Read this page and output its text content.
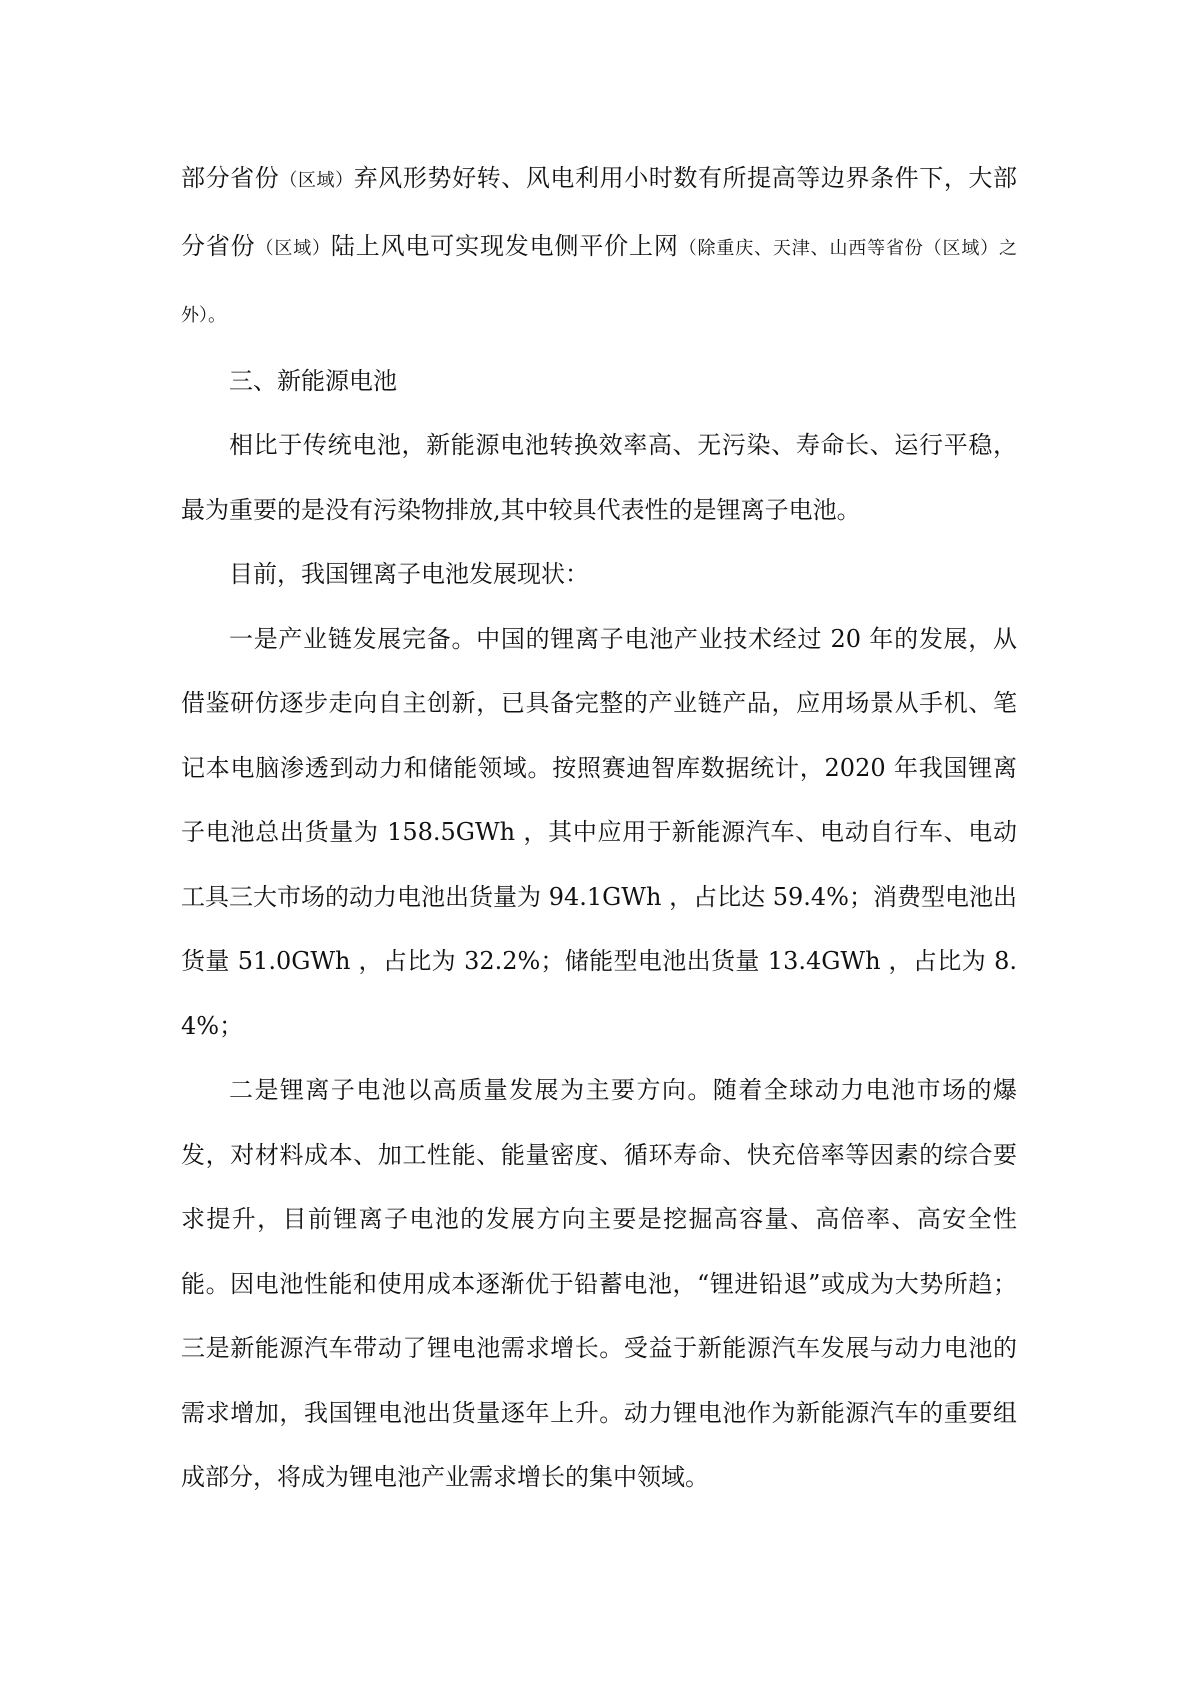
部分省份（区域）弃风形势好转、风电利用小时数有所提高等边界条件下，大部分省份（区域）陆上风电可实现发电侧平价上网（除重庆、天津、山西等省份（区域）之外）。

三、新能源电池

相比于传统电池，新能源电池转换效率高、无污染、寿命长、运行平稳，最为重要的是没有污染物排放,其中较具代表性的是锂离子电池。

目前，我国锂离子电池发展现状：

一是产业链发展完备。中国的锂离子电池产业技术经过 20 年的发展，从借鉴研仿逐步走向自主创新，已具备完整的产业链产品，应用场景从手机、笔记本电脑渗透到动力和储能领域。按照赛迪智库数据统计，2020 年我国锂离子电池总出货量为 158.5GWh ，其中应用于新能源汽车、电动自行车、电动工具三大市场的动力电池出货量为 94.1GWh ，占比达 59.4%；消费型电池出货量 51.0GWh ，占比为 32.2%；储能型电池出货量 13.4GWh ，占比为 8.4%；

二是锂离子电池以高质量发展为主要方向。随着全球动力电池市场的爆发，对材料成本、加工性能、能量密度、循环寿命、快充倍率等因素的综合要求提升，目前锂离子电池的发展方向主要是挖掘高容量、高倍率、高安全性能。因电池性能和使用成本逐渐优于铅蓄电池，“锂进铅退”或成为大势所趋；三是新能源汽车带动了锂电池需求增长。受益于新能源汽车发展与动力电池的需求增加，我国锂电池出货量逐年上升。动力锂电池作为新能源汽车的重要组成部分，将成为锂电池产业需求增长的集中领域。
